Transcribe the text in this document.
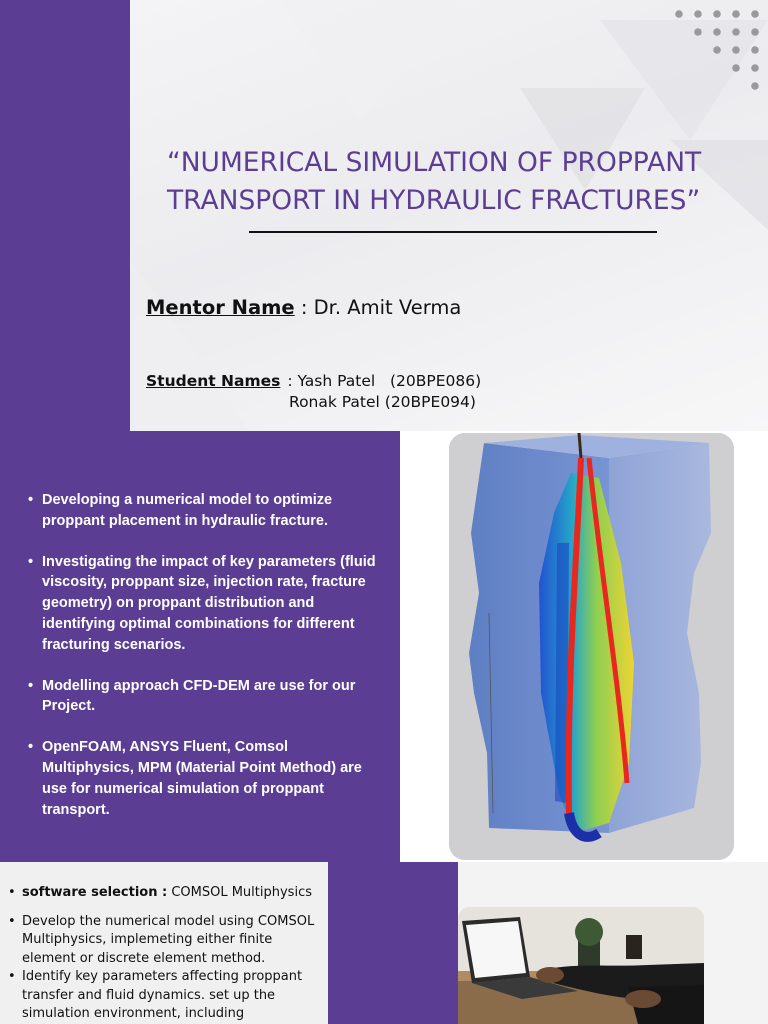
“NUMERICAL SIMULATION OF PROPPANT
TRANSPORT IN HYDRAULIC FRACTURES”
Mentor Name : Dr. Amit Verma
Student Names : Yash Patel   (20BPE086)
Ronak Patel (20BPE094)
• Developing a numerical model to optimize proppant placement in hydraulic fracture.
• Investigating the impact of key parameters (fluid viscosity, proppant size, injection rate, fracture geometry) on proppant distribution and identifying optimal combinations for different fracturing scenarios.
• Modelling approach CFD-DEM are use for our Project.
• OpenFOAM, ANSYS Fluent, Comsol Multiphysics, MPM (Material Point Method) are use for numerical simulation of proppant transport.
• software selection : COMSOL Multiphysics
• Develop the numerical model using COMSOL Multiphysics, implemeting either finite element or discrete element method.
• Identify key parameters affecting proppant transfer and fluid dynamics. set up the simulation environment, including
